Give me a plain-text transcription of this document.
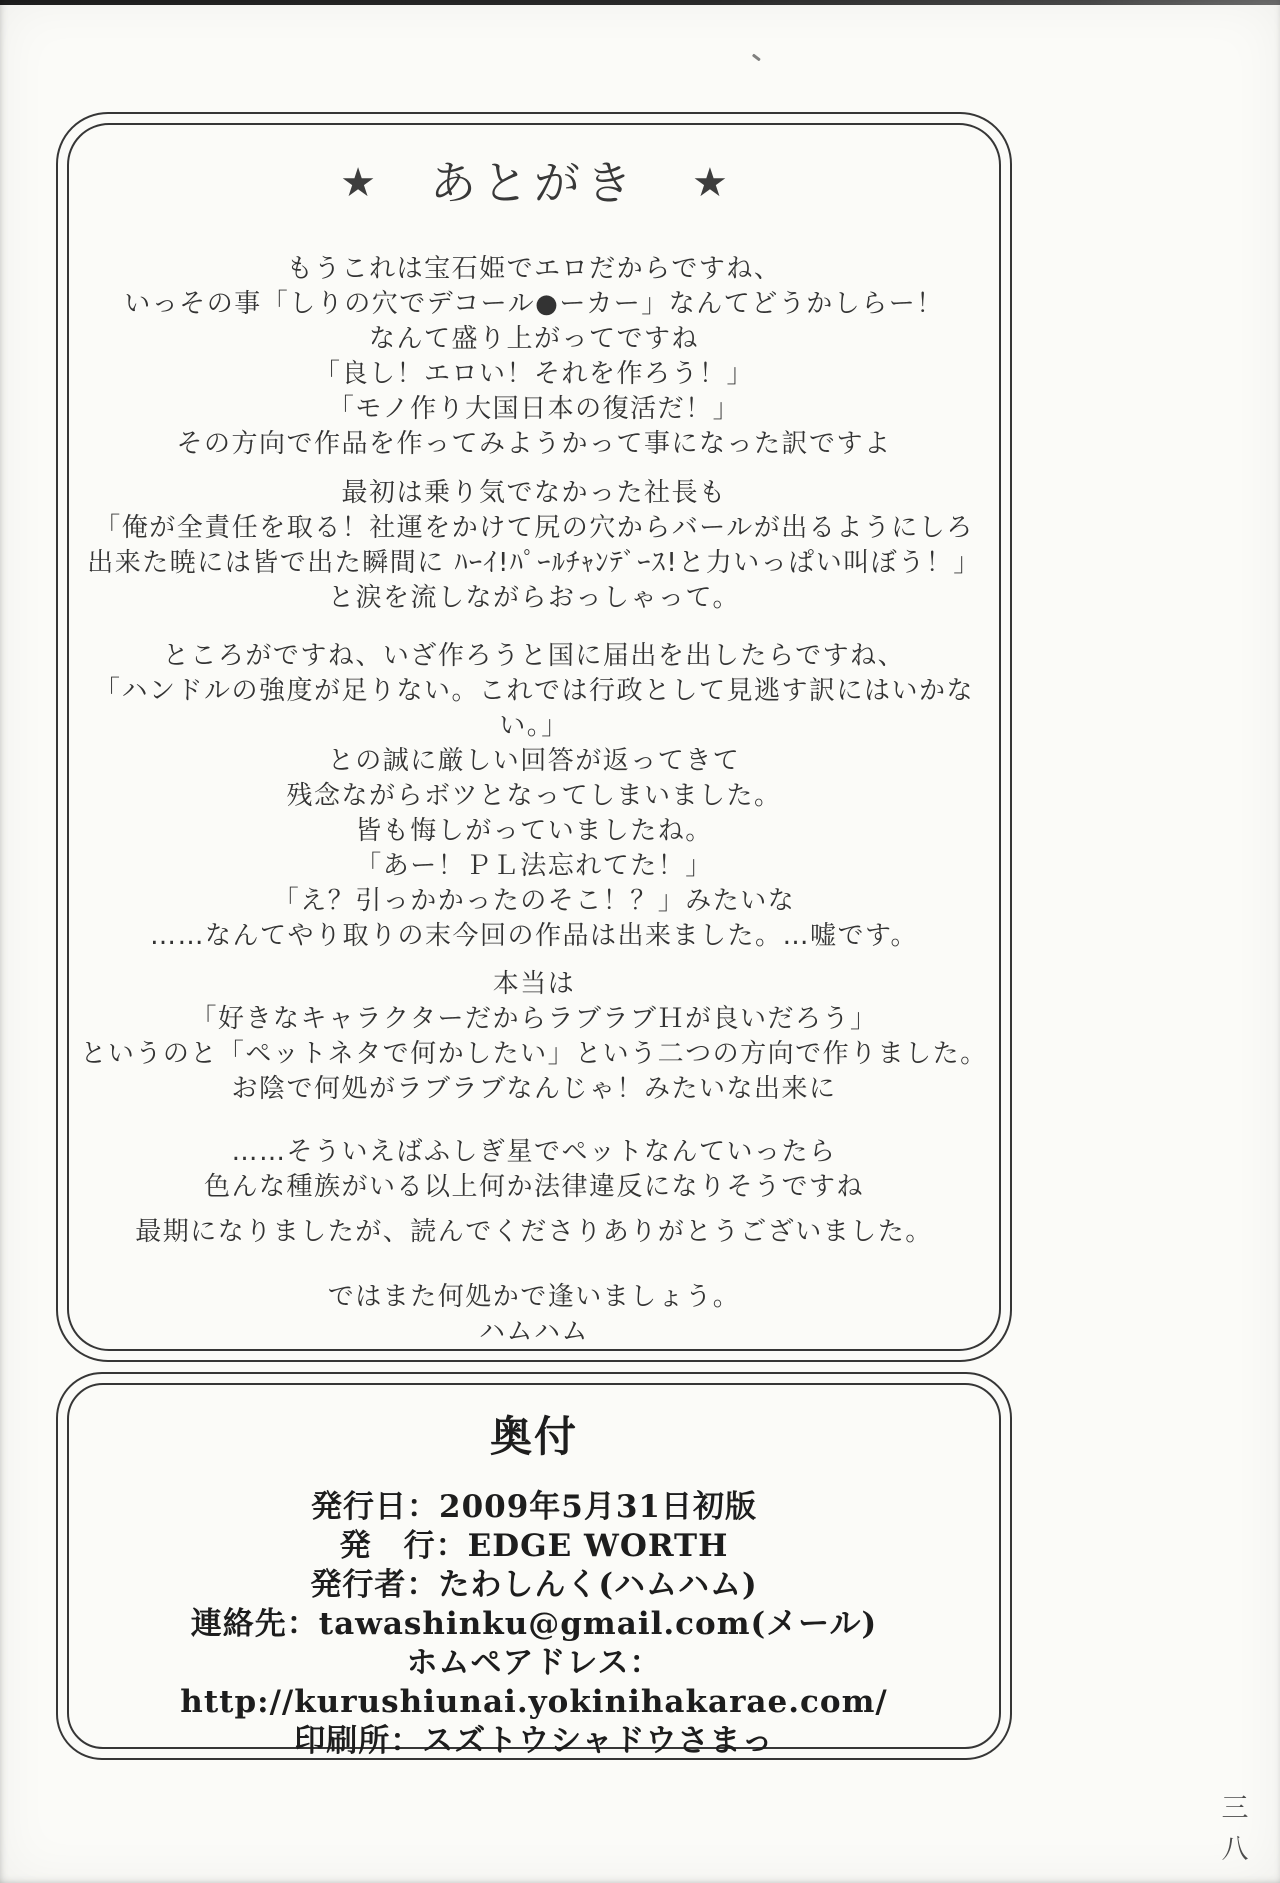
★ あとがき ★
もうこれは宝石姫でエロだからですね、
いっその事「しりの穴でデコール●ーカー」なんてどうかしらー！
なんて盛り上がってですね
「良し！エロい！それを作ろう！」
「モノ作り大国日本の復活だ！」
その方向で作品を作ってみようかって事になった訳ですよ
最初は乗り気でなかった社長も
「俺が全責任を取る！社運をかけて尻の穴からバールが出るようにしろ
出来た暁には皆で出た瞬間に ﾊｰｲ!ﾊﾟｰﾙﾁｬﾝﾃﾞｰｽ!と力いっぱい叫ぼう！」
と涙を流しながらおっしゃって。
ところがですね、いざ作ろうと国に届出を出したらですね、
「ハンドルの強度が足りない。これでは行政として見逃す訳にはいかない。」
との誠に厳しい回答が返ってきて
残念ながらボツとなってしまいました。
皆も悔しがっていましたね。
「あー！ＰＬ法忘れてた！」
「え？引っかかったのそこ！？」みたいな
……なんてやり取りの末今回の作品は出来ました。…嘘です。
本当は
「好きなキャラクターだからラブラブＨが良いだろう」
というのと「ペットネタで何かしたい」という二つの方向で作りました。
お陰で何処がラブラブなんじゃ！みたいな出来に
……そういえばふしぎ星でペットなんていったら
色んな種族がいる以上何か法律違反になりそうですね
最期になりましたが、読んでくださりありがとうございました。
ではまた何処かで逢いましょう。
ハムハム
奥付
発行日：2009年5月31日初版
発　行：EDGE WORTH
発行者：たわしんく(ハムハム)
連絡先：tawashinku@gmail.com(メール)
ホムペアドレス：http://kurushiunai.yokinihakarae.com/
印刷所：スズトウシャドウさまっ
三
八
